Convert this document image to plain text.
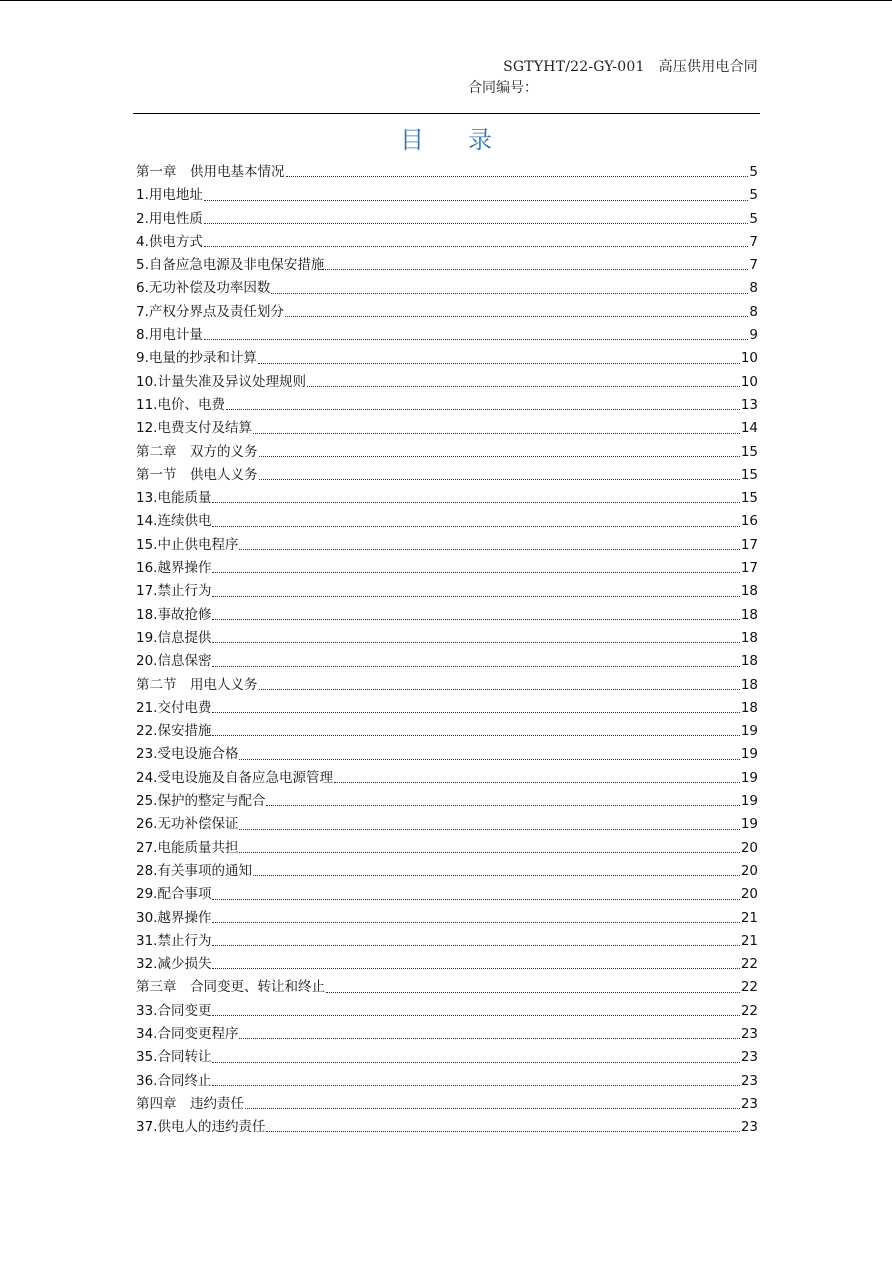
SGTYHT/22-GY-001 高压供用电合同
合同编号：
目录
第一章　供用电基本情况	5
1.用电地址	5
2.用电性质	5
4.供电方式	7
5.自备应急电源及非电保安措施	7
6.无功补偿及功率因数	8
7.产权分界点及责任划分	8
8.用电计量	9
9.电量的抄录和计算	10
10.计量失准及异议处理规则	10
11.电价、电费	13
12.电费支付及结算	14
第二章　双方的义务	15
第一节　供电人义务	15
13.电能质量	15
14.连续供电	16
15.中止供电程序	17
16.越界操作	17
17.禁止行为	18
18.事故抢修	18
19.信息提供	18
20.信息保密	18
第二节　用电人义务	18
21.交付电费	18
22.保安措施	19
23.受电设施合格	19
24.受电设施及自备应急电源管理	19
25.保护的整定与配合	19
26.无功补偿保证	19
27.电能质量共担	20
28.有关事项的通知	20
29.配合事项	20
30.越界操作	21
31.禁止行为	21
32.减少损失	22
第三章　合同变更、转让和终止	22
33.合同变更	22
34.合同变更程序	23
35.合同转让	23
36.合同终止	23
第四章　违约责任	23
37.供电人的违约责任	23
